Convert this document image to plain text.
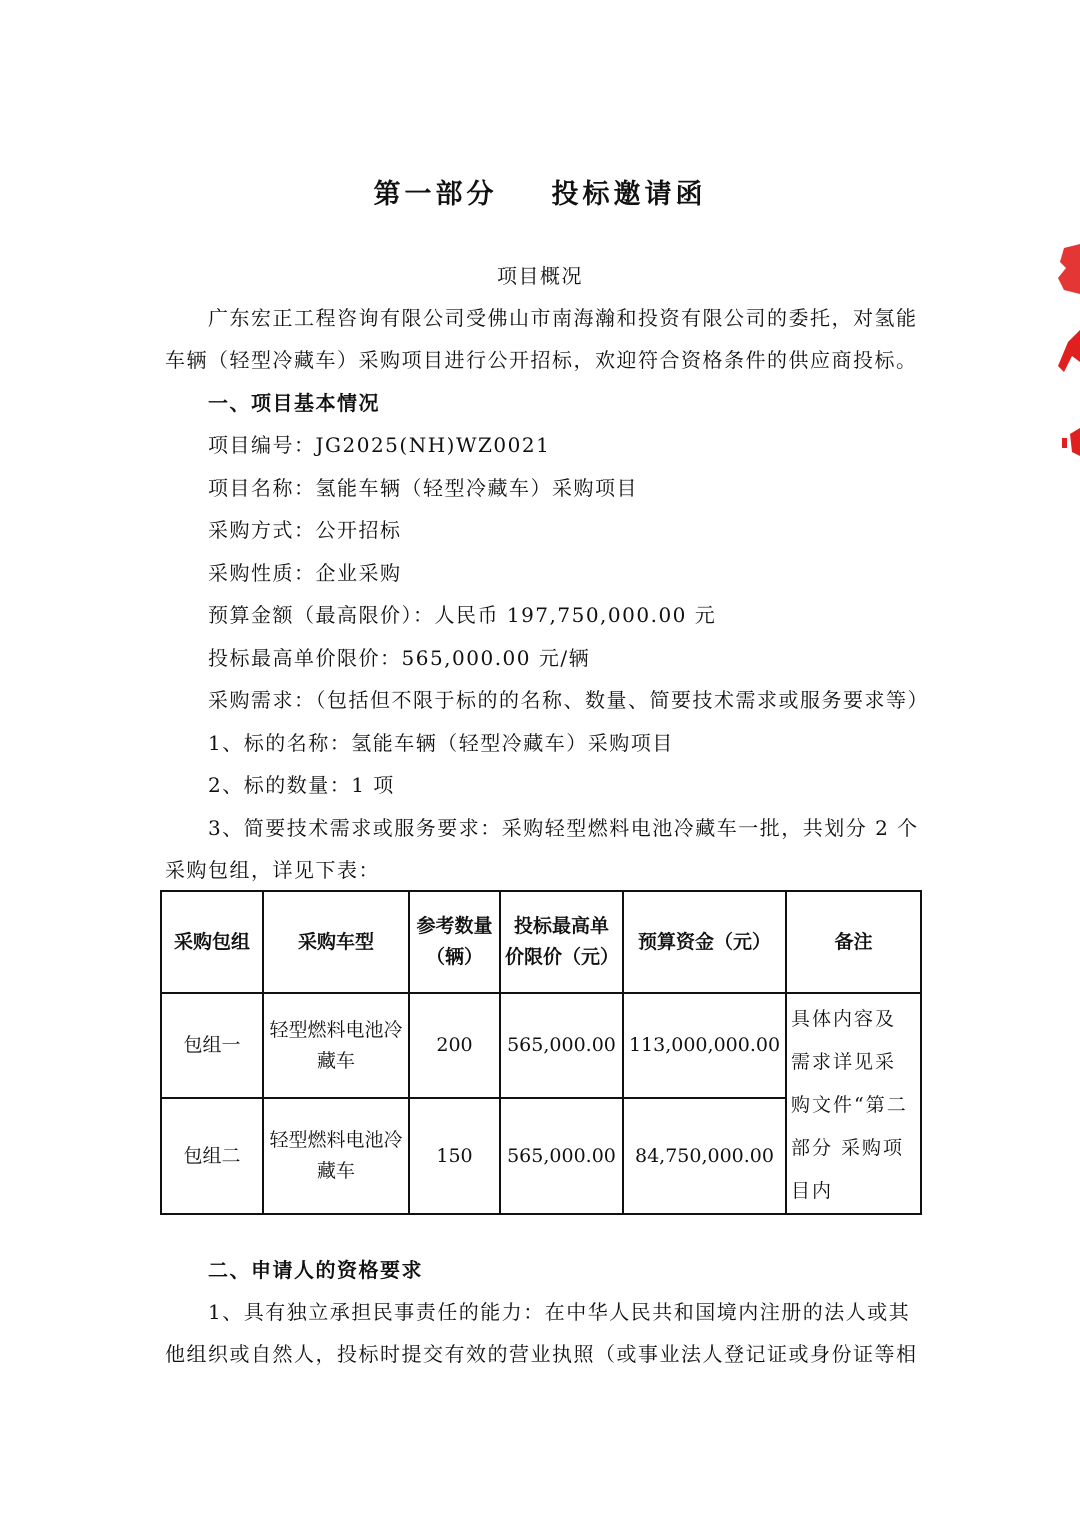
第一部分 投标邀请函
项目概况
广东宏正工程咨询有限公司受佛山市南海瀚和投资有限公司的委托，对氢能
车辆（轻型冷藏车）采购项目进行公开招标，欢迎符合资格条件的供应商投标。
一、项目基本情况
项目编号：JG2025(NH)WZ0021
项目名称：氢能车辆（轻型冷藏车）采购项目
采购方式：公开招标
采购性质：企业采购
预算金额（最高限价）：人民币 197,750,000.00 元
投标最高单价限价：565,000.00 元/辆
采购需求：（包括但不限于标的的名称、数量、简要技术需求或服务要求等）
1、标的名称：氢能车辆（轻型冷藏车）采购项目
2、标的数量：1 项
3、简要技术需求或服务要求：采购轻型燃料电池冷藏车一批，共划分 2 个
采购包组，详见下表：
采购包组	采购车型	参考数量（辆）	投标最高单价限价（元）	预算资金（元）	备注
包组一	轻型燃料电池冷藏车	200	565,000.00	113,000,000.00	具体内容及需求详见采购文件“第二部分 采购项目内
包组二	轻型燃料电池冷藏车	150	565,000.00	84,750,000.00	
二、申请人的资格要求
1、具有独立承担民事责任的能力：在中华人民共和国境内注册的法人或其
他组织或自然人，投标时提交有效的营业执照（或事业法人登记证或身份证等相
